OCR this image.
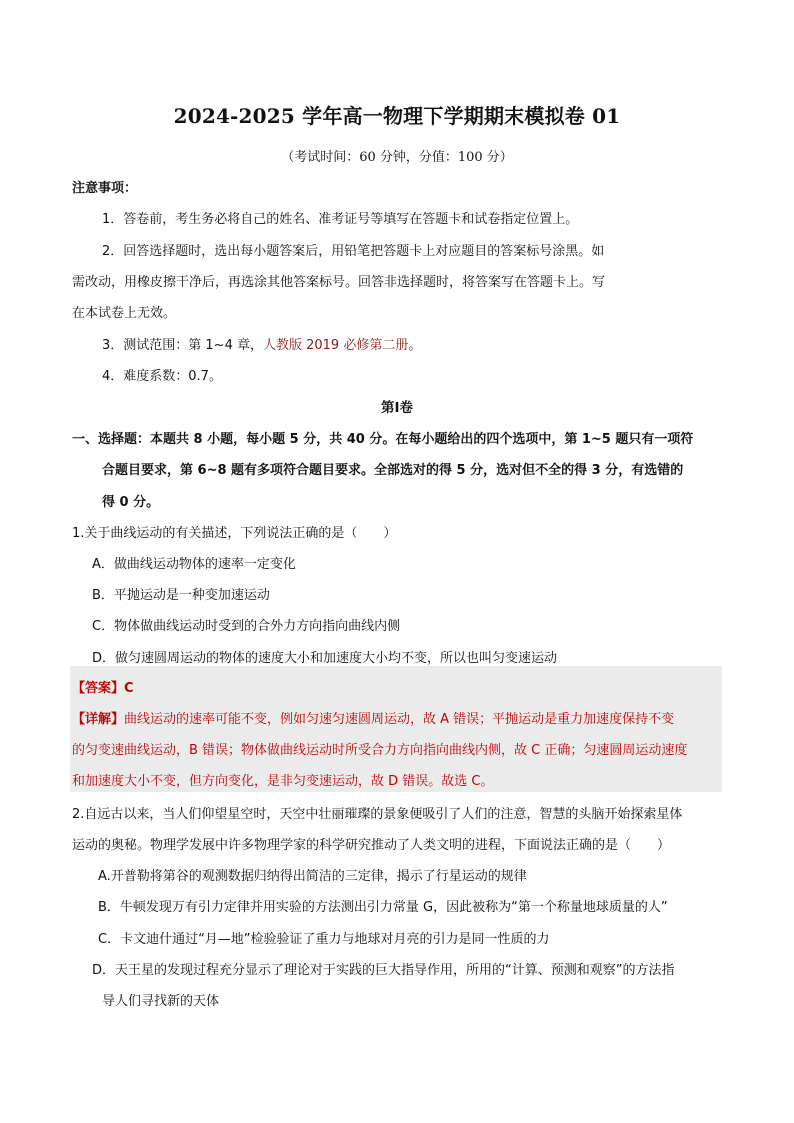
2024-2025 学年高一物理下学期期末模拟卷 01
（考试时间：60 分钟，分值：100 分）
注意事项：
1．答卷前，考生务必将自己的姓名、准考证号等填写在答题卡和试卷指定位置上。
2．回答选择题时，选出每小题答案后，用铅笔把答题卡上对应题目的答案标号涂黑。如
需改动，用橡皮擦干净后，再选涂其他答案标号。回答非选择题时，将答案写在答题卡上。写
在本试卷上无效。
3．测试范围：第 1~4 章，人教版 2019 必修第二册。
4．难度系数：0.7。
第Ⅰ卷
一、选择题：本题共 8 小题，每小题 5 分，共 40 分。在每小题给出的四个选项中，第 1~5 题只有一项符
合题目要求，第 6~8 题有多项符合题目要求。全部选对的得 5 分，选对但不全的得 3 分，有选错的
得 0 分。
1.关于曲线运动的有关描述，下列说法正确的是（　　）
A．做曲线运动物体的速率一定变化
B．平抛运动是一种变加速运动
C．物体做曲线运动时受到的合外力方向指向曲线内侧
D．做匀速圆周运动的物体的速度大小和加速度大小均不变，所以也叫匀变速运动
【答案】C
【详解】曲线运动的速率可能不变，例如匀速匀速圆周运动，故 A 错误；平抛运动是重力加速度保持不变
的匀变速曲线运动，B 错误；物体做曲线运动时所受合力方向指向曲线内侧，故 C 正确；匀速圆周运动速度
和加速度大小不变，但方向变化，是非匀变速运动，故 D 错误。故选 C。
2.自远古以来，当人们仰望星空时，天空中壮丽璀璨的景象便吸引了人们的注意，智慧的头脑开始探索星体
运动的奥秘。物理学发展中许多物理学家的科学研究推动了人类文明的进程，下面说法正确的是（　　）
A.开普勒将第谷的观测数据归纳得出简洁的三定律，揭示了行星运动的规律
B．牛顿发现万有引力定律并用实验的方法测出引力常量 G，因此被称为“第一个称量地球质量的人”
C．卡文迪什通过“月—地”检验验证了重力与地球对月亮的引力是同一性质的力
D．天王星的发现过程充分显示了理论对于实践的巨大指导作用，所用的“计算、预测和观察”的方法指
导人们寻找新的天体
